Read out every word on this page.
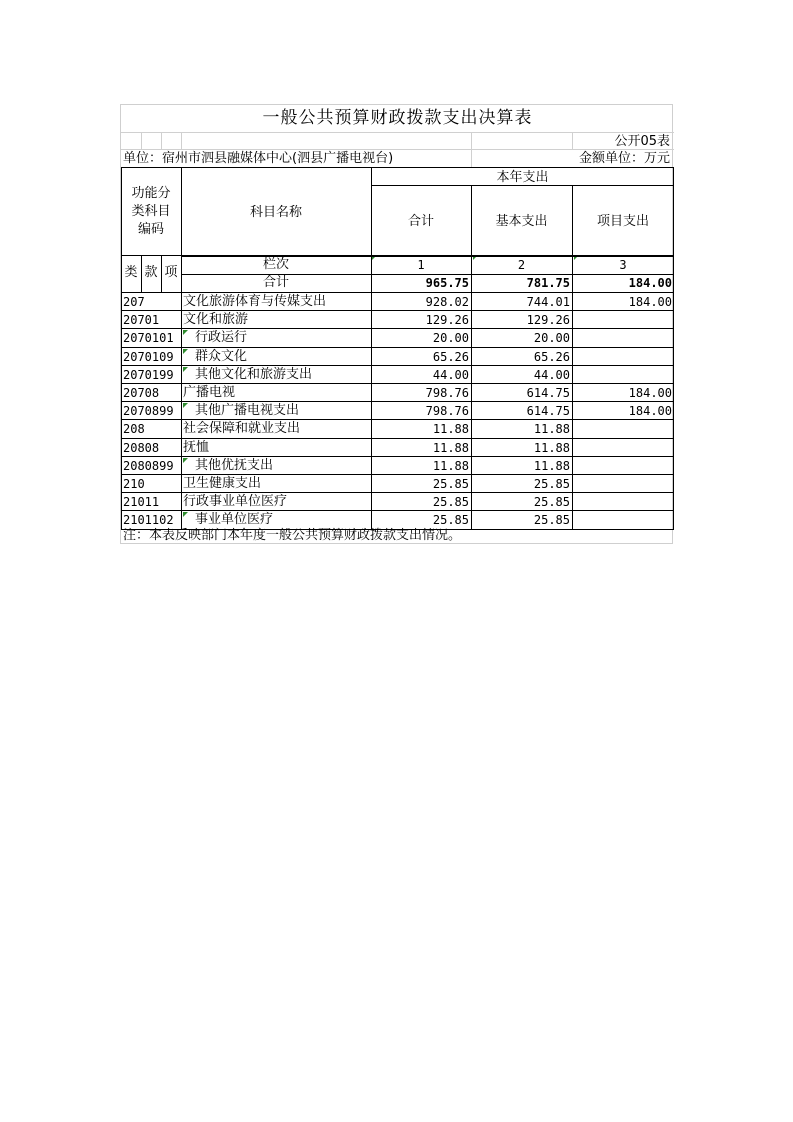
一般公共预算财政拨款支出决算表
公开05表
单位：宿州市泗县融媒体中心(泗县广播电视台)	金额单位：万元
功能分类科目编码
科目名称
本年支出
合计	基本支出	项目支出
类 款 项
栏次	1	2	3
合计	965.75	781.75	184.00
207	文化旅游体育与传媒支出	928.02	744.01	184.00
20701 文化和旅游	129.26	129.26
2070101 行政运行	20.00	20.00
2070109 群众文化	65.26	65.26
2070199 其他文化和旅游支出	44.00	44.00
20708 广播电视	798.76	614.75	184.00
2070899 其他广播电视支出	798.76	614.75	184.00
208	社会保障和就业支出	11.88	11.88
20808 抚恤	11.88	11.88
2080899 其他优抚支出	11.88	11.88
210	卫生健康支出	25.85	25.85
21011 行政事业单位医疗	25.85	25.85
2101102 事业单位医疗	25.85	25.85
注：本表反映部门本年度一般公共预算财政拨款支出情况。
